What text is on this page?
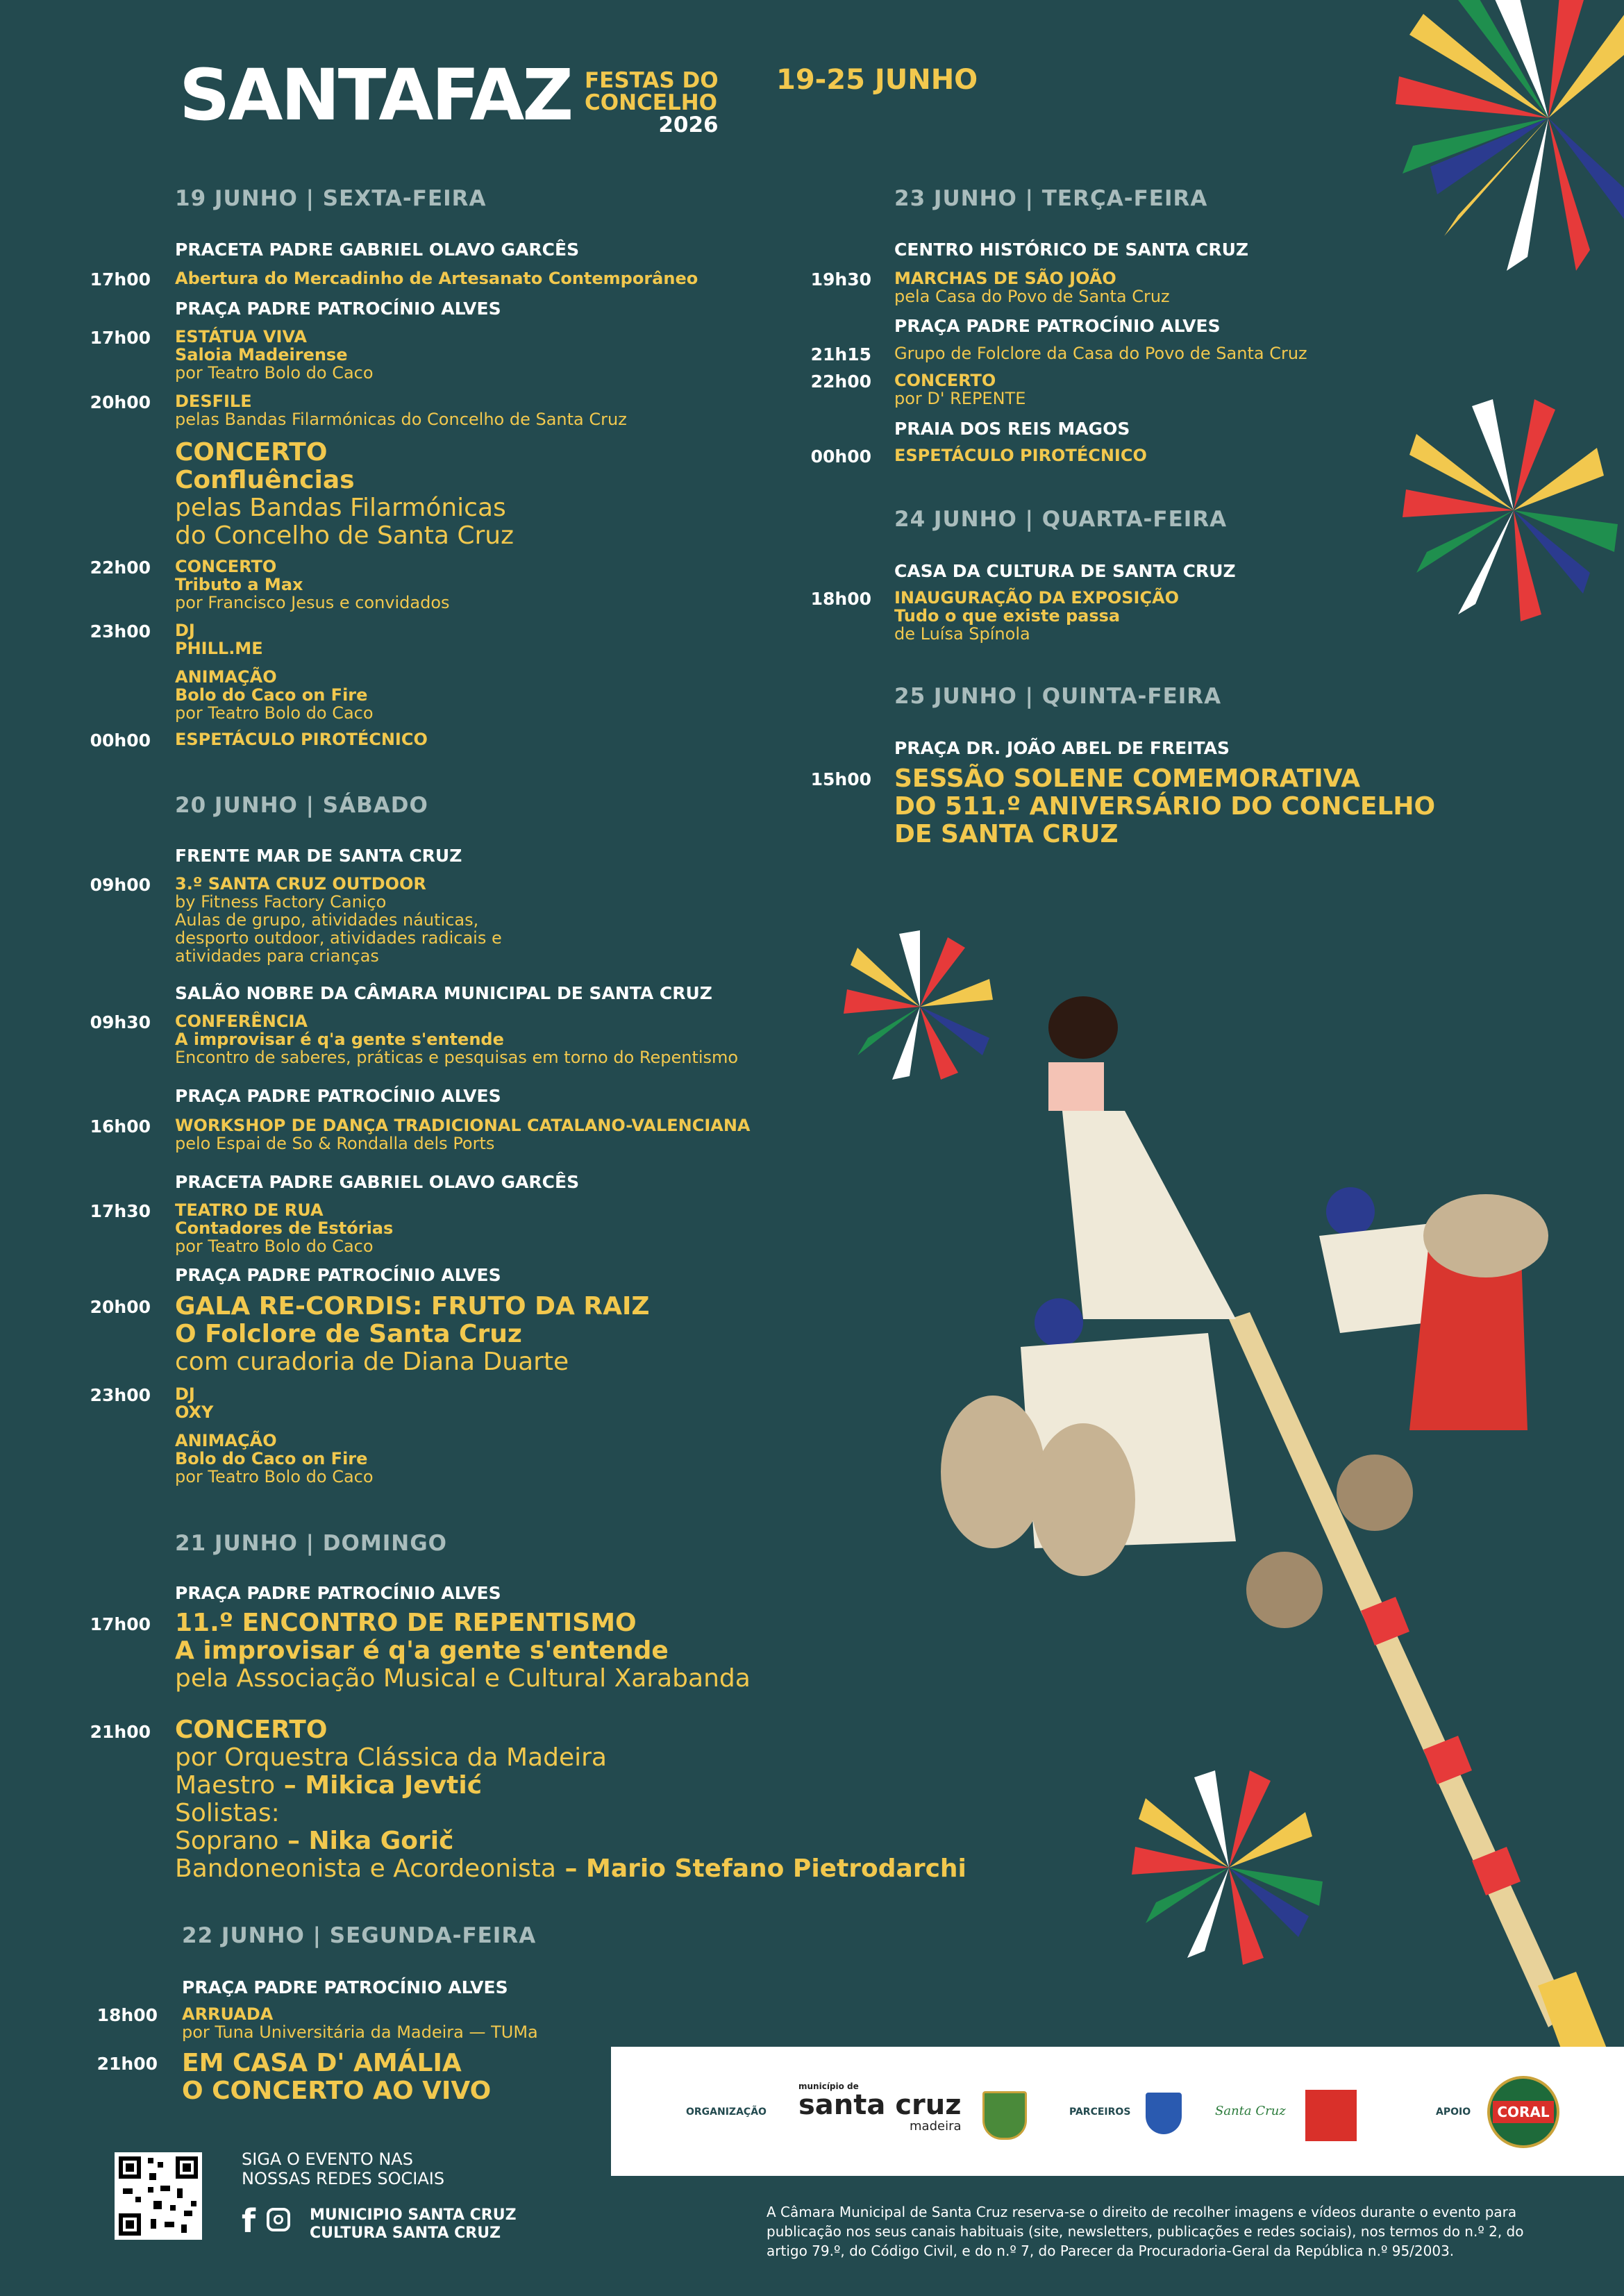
SANTAFAZ FESTAS DO
CONCELHO
2026
19-25 JUNHO
19 JUNHO | SEXTA-FEIRA
PRACETA PADRE GABRIEL OLAVO GARCÊS
17h00 Abertura do Mercadinho de Artesanato Contemporâneo
PRAÇA PADRE PATROCÍNIO ALVES
17h00 ESTÁTUA VIVA
Saloia Madeirense
por Teatro Bolo do Caco
20h00 DESFILE
pelas Bandas Filarmónicas do Concelho de Santa Cruz
CONCERTO
Confluências
pelas Bandas Filarmónicas
do Concelho de Santa Cruz
22h00 CONCERTO
Tributo a Max
por Francisco Jesus e convidados
23h00 DJ
PHILL.ME
ANIMAÇÃO
Bolo do Caco on Fire
por Teatro Bolo do Caco
00h00 ESPETÁCULO PIROTÉCNICO
20 JUNHO | SÁBADO
FRENTE MAR DE SANTA CRUZ
09h00 3.º SANTA CRUZ OUTDOOR
by Fitness Factory Caniço
Aulas de grupo, atividades náuticas,
desporto outdoor, atividades radicais e
atividades para crianças
SALÃO NOBRE DA CÂMARA MUNICIPAL DE SANTA CRUZ
09h30 CONFERÊNCIA
A improvisar é q'a gente s'entende
Encontro de saberes, práticas e pesquisas em torno do Repentismo
PRAÇA PADRE PATROCÍNIO ALVES
16h00 WORKSHOP DE DANÇA TRADICIONAL CATALANO-VALENCIANA
pelo Espai de So & Rondalla dels Ports
PRACETA PADRE GABRIEL OLAVO GARCÊS
17h30 TEATRO DE RUA
Contadores de Estórias
por Teatro Bolo do Caco
PRAÇA PADRE PATROCÍNIO ALVES
20h00 GALA RE-CORDIS: FRUTO DA RAIZ
O Folclore de Santa Cruz
com curadoria de Diana Duarte
23h00 DJ
OXY
ANIMAÇÃO
Bolo do Caco on Fire
por Teatro Bolo do Caco
21 JUNHO | DOMINGO
PRAÇA PADRE PATROCÍNIO ALVES
17h00 11.º ENCONTRO DE REPENTISMO
A improvisar é q'a gente s'entende
pela Associação Musical e Cultural Xarabanda
21h00 CONCERTO
por Orquestra Clássica da Madeira
Maestro – Mikica Jevtić
Solistas:
Soprano – Nika Gorič
Bandoneonista e Acordeonista – Mario Stefano Pietrodarchi
22 JUNHO | SEGUNDA-FEIRA
PRAÇA PADRE PATROCÍNIO ALVES
18h00 ARRUADA
por Tuna Universitária da Madeira — TUMa
21h00 EM CASA D' AMÁLIA
O CONCERTO AO VIVO
23 JUNHO | TERÇA-FEIRA
CENTRO HISTÓRICO DE SANTA CRUZ
19h30 MARCHAS DE SÃO JOÃO
pela Casa do Povo de Santa Cruz
PRAÇA PADRE PATROCÍNIO ALVES
21h15 Grupo de Folclore da Casa do Povo de Santa Cruz
22h00 CONCERTO
por D' REPENTE
PRAIA DOS REIS MAGOS
00h00 ESPETÁCULO PIROTÉCNICO
24 JUNHO | QUARTA-FEIRA
CASA DA CULTURA DE SANTA CRUZ
18h00 INAUGURAÇÃO DA EXPOSIÇÃO
Tudo o que existe passa
de Luísa Spínola
25 JUNHO | QUINTA-FEIRA
PRAÇA DR. JOÃO ABEL DE FREITAS
15h00 SESSÃO SOLENE COMEMORATIVA
DO 511.º ANIVERSÁRIO DO CONCELHO
DE SANTA CRUZ
ORGANIZAÇÃO
município de
santa cruz
madeira
PARCEIROS	Santa Cruz	APOIO	CORAL
SIGA O EVENTO NAS
NOSSAS REDES SOCIAIS
f	MUNICIPIO SANTA CRUZ
CULTURA SANTA CRUZ
A Câmara Municipal de Santa Cruz reserva-se o direito de recolher imagens e vídeos durante o evento para
publicação nos seus canais habituais (site, newsletters, publicações e redes sociais), nos termos do n.º 2, do
artigo 79.º, do Código Civil, e do n.º 7, do Parecer da Procuradoria-Geral da República n.º 95/2003.
